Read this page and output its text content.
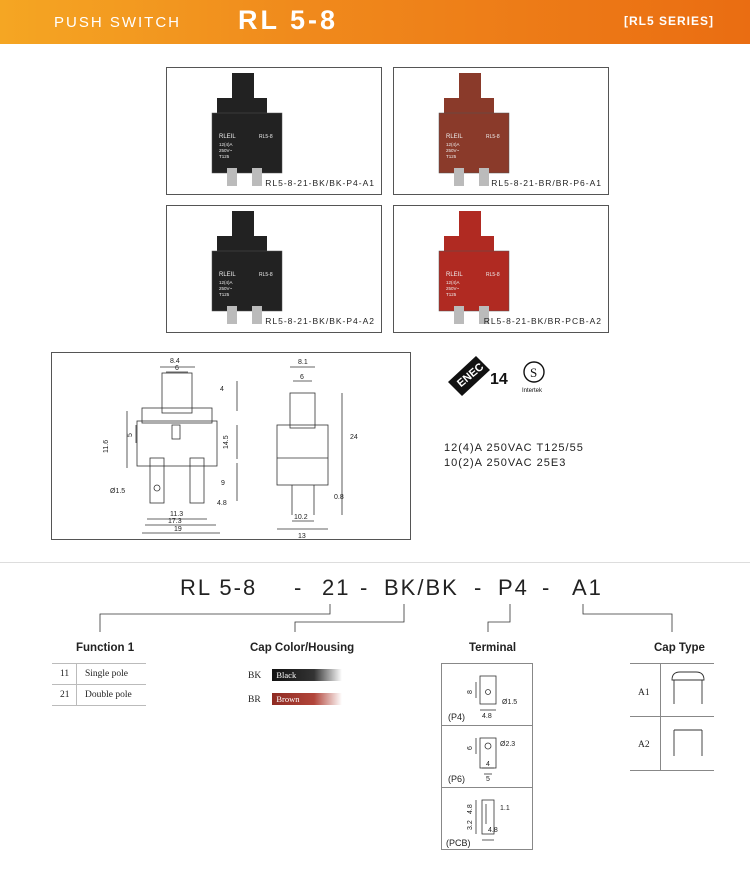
PUSH SWITCH RL 5-8	[RL5 SERIES]
RLEIL
12(4)A
250V~
T125
RL5-8
RL5-8-21-BK/BK-P4-A1
RLEIL
12(4)A
250V~
T125
RL5-8
RL5-8-21-BR/BR-P6-A1
RLEIL
12(4)A
250V~
T125
RL5-8
RL5-8-21-BK/BK-P4-A2
RLEIL
12(4)A
250V~
T125
RL5-8
RL5-8-21-BK/BR-PCB-A2
8.4
6
4
11.6
5
14.5
9
4.8
11.3
17.3
19
Ø1.5
8.1
6
24
0.8
10.2
13
ENEC 14 S
Intertek
12(4)A 250VAC T125/55
10(2)A 250VAC 25E3
RL 5-8 - 21 - BK/BK - P4 - A1
Function 1
11	Single pole
21	Double pole
Cap Color/Housing
BK Black
BR Brown
Terminal
8
4.8
Ø1.5
(P4)
6
4
5
Ø2.3
(P6)
4.8
3.2
4.8
1.1
(PCB)
Cap Type
A1
A2
